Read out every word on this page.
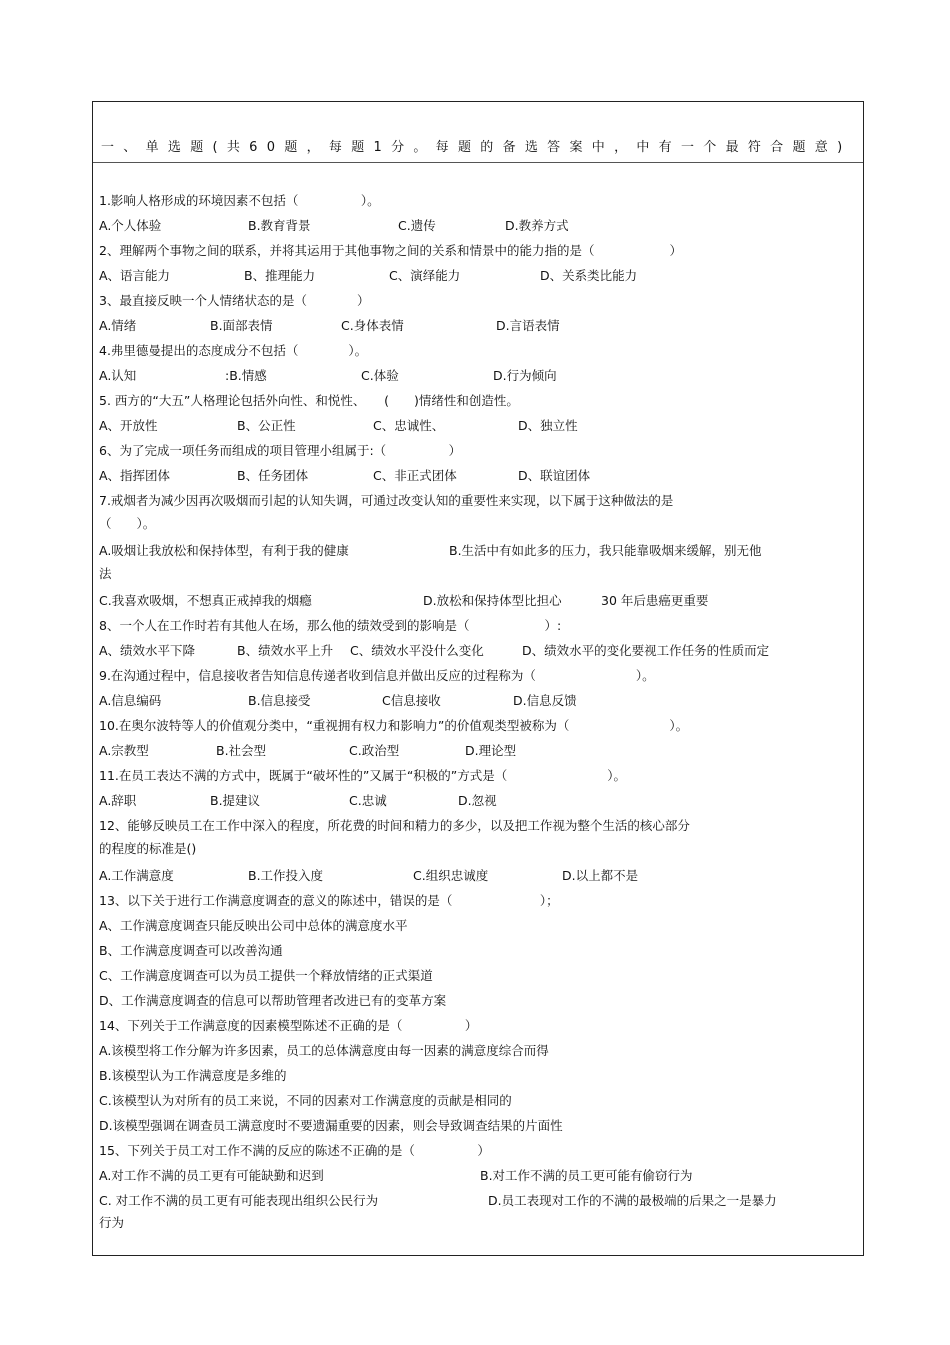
一、单选题(共60题，每题1分。每题的备选答案中，中有一个最符合题意)
1.影响人格形成的环境因素不包括（　　　　　）。
A.个人体验	B.教育背景	C.遗传	D.教养方式
2、理解两个事物之间的联系，并将其运用于其他事物之间的关系和情景中的能力指的是（　　　　　　）
A、语言能力	B、推理能力	C、演绎能力	D、关系类比能力
3、最直接反映一个人情绪状态的是（　　　　）
A.情绪	B.面部表情	C.身体表情	D.言语表情
4.弗里德曼提出的态度成分不包括（　　　　）。
A.认知	:B.情感	C.体验	D.行为倾向
5. 西方的“大五”人格理论包括外向性、和悦性、　　(　　)情绪性和创造性。
A、开放性	B、公正性	C、忠诚性、	D、独立性
6、为了完成一项任务而组成的项目管理小组属于:（　　　　　）
A、指挥团体	B、任务团体	C、非正式团体	D、联谊团体
7.戒烟者为减少因再次吸烟而引起的认知失调，可通过改变认知的重要性来实现，以下属于这种做法的是
（　　）。
A.吸烟让我放松和保持体型，有利于我的健康	B.生活中有如此多的压力，我只能靠吸烟来缓解，别无他
法
C.我喜欢吸烟，不想真正戒掉我的烟瘾	D.放松和保持体型比担心	30 年后患癌更重要
8、一个人在工作时若有其他人在场，那么他的绩效受到的影响是（　　　　　　）:
A、绩效水平下降	B、绩效水平上升 C、绩效水平没什么变化	D、绩效水平的变化要视工作任务的性质而定
9.在沟通过程中，信息接收者告知信息传递者收到信息并做出反应的过程称为（　　　　　　　　）。
A.信息编码	B.信息接受	C信息接收	D.信息反馈
10.在奥尔波特等人的价值观分类中，“重视拥有权力和影响力”的价值观类型被称为（　　　　　　　　）。
A.宗教型	B.社会型	C.政治型	D.理论型
11.在员工表达不满的方式中，既属于“破坏性的”又属于“积极的”方式是（　　　　　　　　）。
A.辞职	B.提建议	C.忠诚	D.忽视
12、能够反映员工在工作中深入的程度，所花费的时间和精力的多少，以及把工作视为整个生活的核心部分
的程度的标准是()
A.工作满意度	B.工作投入度	C.组织忠诚度	D.以上都不是
13、以下关于进行工作满意度调查的意义的陈述中，错误的是（　　　　　　　）；
A、工作满意度调查只能反映出公司中总体的满意度水平
B、工作满意度调查可以改善沟通
C、工作满意度调查可以为员工提供一个释放情绪的正式渠道
D、工作满意度调查的信息可以帮助管理者改进已有的变革方案
14、下列关于工作满意度的因素模型陈述不正确的是（　　　　　）
A.该模型将工作分解为许多因素，员工的总体满意度由每一因素的满意度综合而得
B.该模型认为工作满意度是多维的
C.该模型认为对所有的员工来说，不同的因素对工作满意度的贡献是相同的
D.该模型强调在调查员工满意度时不要遗漏重要的因素，则会导致调查结果的片面性
15、下列关于员工对工作不满的反应的陈述不正确的是（　　　　　）
A.对工作不满的员工更有可能缺勤和迟到	B.对工作不满的员工更可能有偷窃行为
C. 对工作不满的员工更有可能表现出组织公民行为	D.员工表现对工作的不满的最极端的后果之一是暴力
行为
